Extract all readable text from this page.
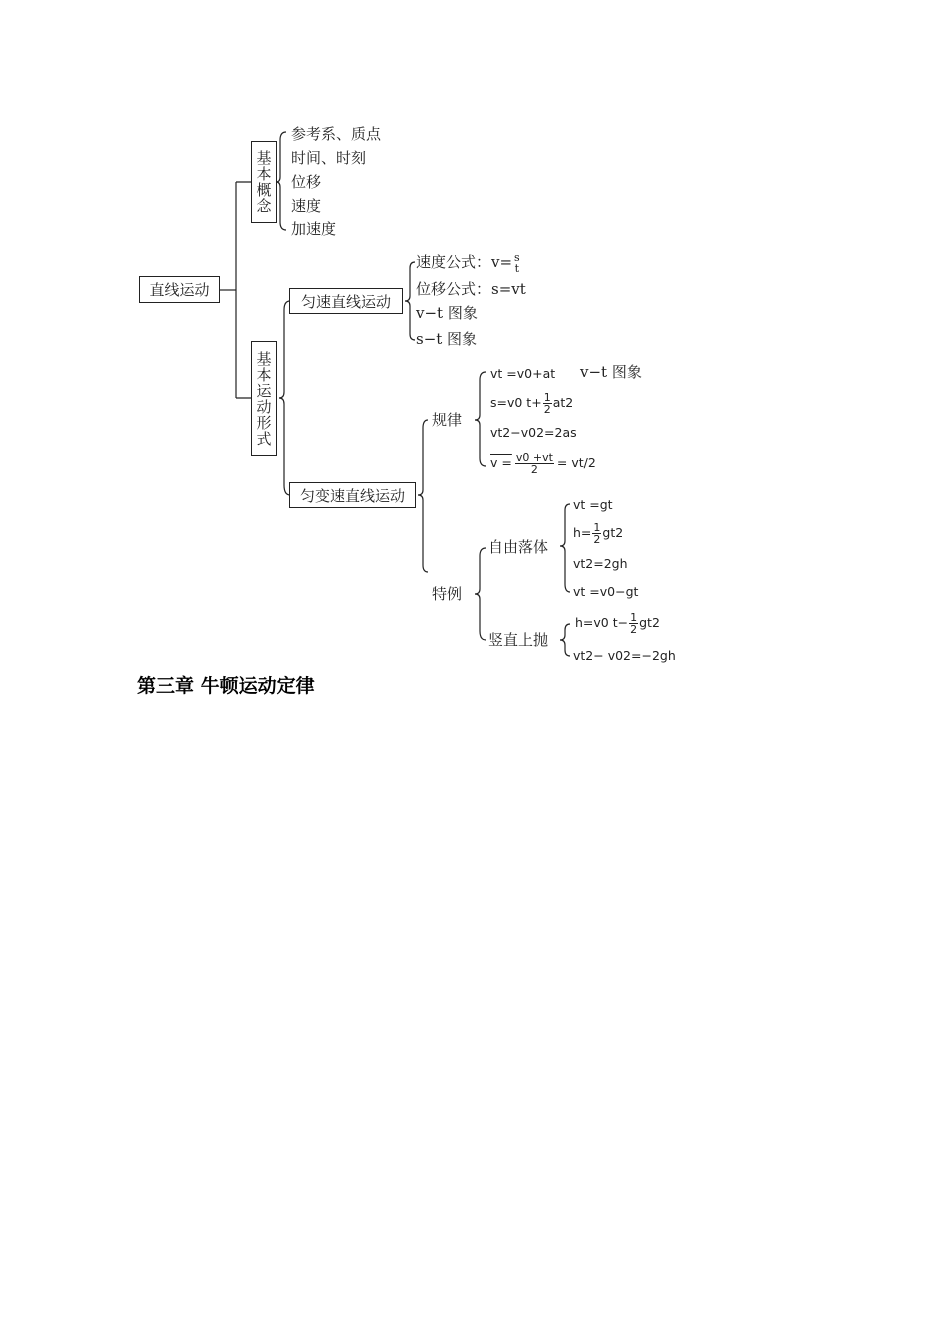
直线运动
基本概念
参考系、质点
时间、时刻
位移
速度
加速度
基本运动形式
匀速直线运动
速度公式：v= s
t
位移公式：s=vt
v−t 图象
s−t 图象
匀变速直线运动
规律
vt =v0+at v−t 图象
s=v0 $t+ \frac{1}{2} at2$
vt2−v02=2as
$v = \frac{v0 +vt}{2} = vt/2$
特例
自由落体
vt =gt
$h= \frac{1}{2} gt2$
vt2=2gh
vt =v0−gt
竖直上抛
h=v0 $t- \frac{1}{2} gt2$
vt2− v02=−2gh
第三章 牛顿运动定律
